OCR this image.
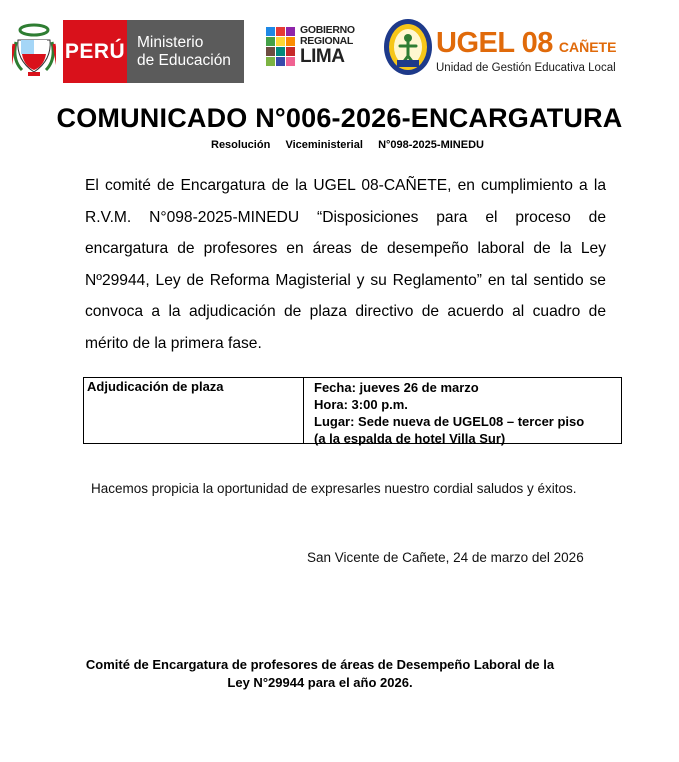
PERÚ Ministerio
de Educación
GOBIERNO
REGIONAL
LIMA	UGEL 08 CAÑETE
Unidad de Gestión Educativa Local
COMUNICADO N°006-2026-ENCARGATURA
Resolución   Viceministerial   N°098-2025-MINEDU
El comité de Encargatura de la UGEL 08-CAÑETE, en cumplimiento a la R.V.M. N°098-2025-MINEDU “Disposiciones para el proceso de encargatura de profesores en áreas de desempeño laboral de la Ley Nº29944, Ley de Reforma Magisterial y su Reglamento” en tal sentido se convoca a la adjudicación de plaza directivo de acuerdo al cuadro de mérito de la primera fase.
Adjudicación de plaza	Fecha: jueves 26 de marzo
Hora: 3:00 p.m.
Lugar: Sede nueva de UGEL08 – tercer piso
(a la espalda de hotel Villa Sur)
Hacemos propicia la oportunidad de expresarles nuestro cordial saludos y éxitos.
San Vicente de Cañete, 24 de marzo del 2026
Comité de Encargatura de profesores de áreas de Desempeño Laboral de la
Ley N°29944 para el año 2026.
